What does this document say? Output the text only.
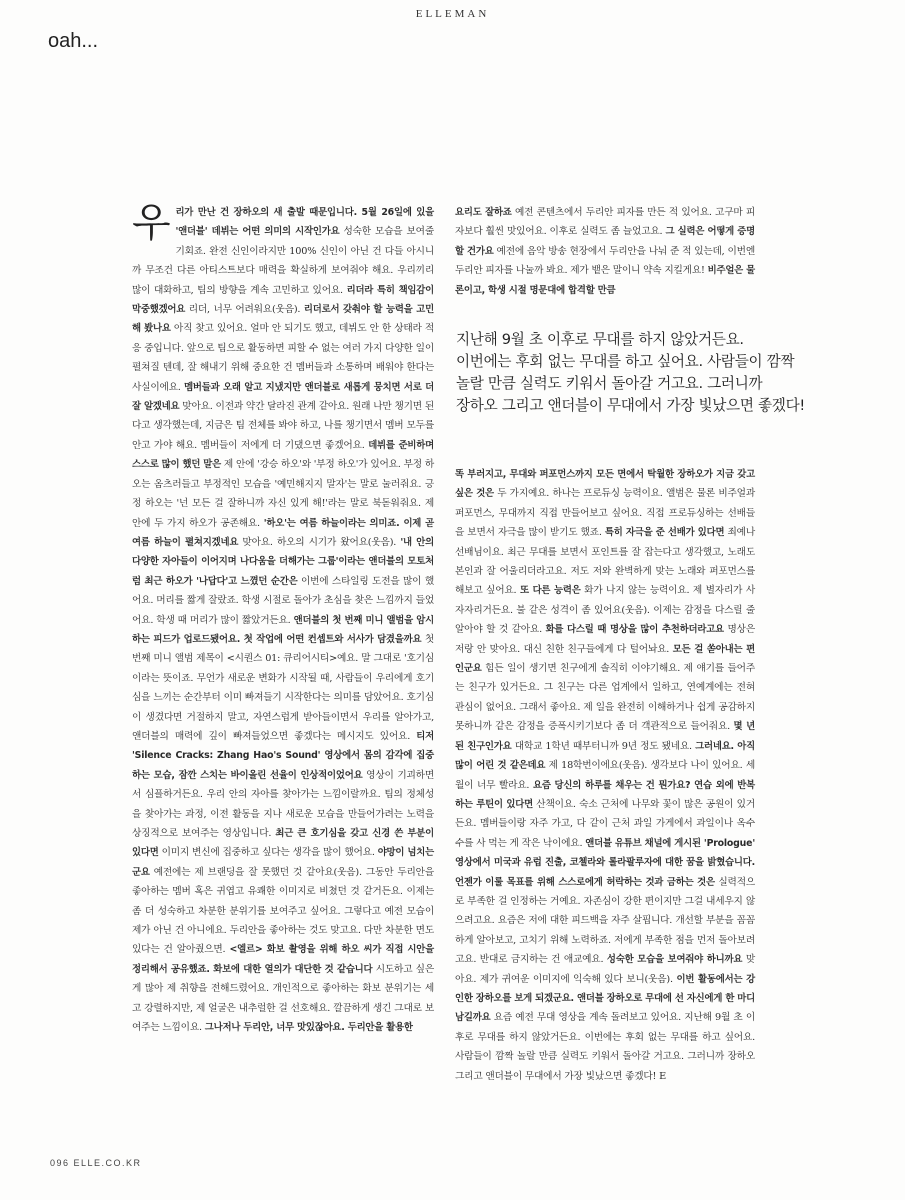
ELLEMAN
oah...

우리가 만난 건 장하오의 새 출발 때문입니다. 5월 26일에 있을 '앤더블' 데뷔는 어떤 의미의 시작인가요 성숙한 모습을 보여줄 기회죠. 완전 신인이라지만 100% 신인이 아닌 건 다들 아시니까 무조건 다른 아티스트보다 매력을 확실하게 보여줘야 해요. 우리끼리 많이 대화하고, 팀의 방향을 계속 고민하고 있어요. 리더라 특히 책임감이 막중했겠어요 리더, 너무 어려워요(웃음). 리더로서 갖춰야 할 능력을 고민해 봤나요 아직 찾고 있어요. 얼마 안 되기도 했고, 데뷔도 안 한 상태라 적응 중입니다. 앞으로 팀으로 활동하면 피할 수 없는 여러 가지 다양한 일이 펼쳐질 텐데, 잘 해내기 위해 중요한 건 멤버들과 소통하며 배워야 한다는 사실이에요. 멤버들과 오래 알고 지냈지만 앤더블로 새롭게 뭉치면 서로 더 잘 알겠네요 맞아요. 이전과 약간 달라진 관계 같아요. 원래 나만 챙기면 된다고 생각했는데, 지금은 팀 전체를 봐야 하고, 나를 챙기면서 멤버 모두를 안고 가야 해요. 멤버들이 저에게 더 기댔으면 좋겠어요. 데뷔를 준비하며 스스로 많이 했던 말은 제 안에 '강승 하오'와 '부정 하오'가 있어요. 부정 하오는 옴츠러들고 부정적인 모습을 '예민해지지 말자'는 말로 눌러줘요. 긍정 하오는 '넌 모든 걸 잘하니까 자신 있게 해!'라는 말로 북돋워줘요. 제 안에 두 가지 하오가 공존해요. '하오'는 여름 하늘이라는 의미죠. 이제 곧 여름 하늘이 펼쳐지겠네요 맞아요. 하오의 시기가 왔어요(웃음). '내 안의 다양한 자아들이 이어지며 나다움을 더해가는 그룹'이라는 앤더블의 모토처럼 최근 하오가 '나답다'고 느꼈던 순간은 이번에 스타일링 도전을 많이 했어요. 머리를 짧게 잘랐죠. 학생 시절로 돌아가 초심을 찾은 느낌까지 들었어요. 학생 때 머리가 많이 짧았거든요. 앤더블의 첫 번째 미니 앨범을 암시하는 피드가 업로드됐어요. 첫 작업에 어떤 컨셉트와 서사가 담겼을까요 첫 번째 미니 앨범 제목이 <시퀀스 01: 큐리어시티>예요. 말 그대로 '호기심이라는 뜻이죠. 무언가 새로운 변화가 시작될 때, 사람들이 우리에게 호기심을 느끼는 순간부터 이미 빠져들기 시작한다는 의미를 담았어요. 호기심이 생겼다면 거절하지 말고, 자연스럽게 받아들이면서 우리를 알아가고, 앤더블의 매력에 깊이 빠져들었으면 좋겠다는 메시지도 있어요. 티저 'Silence Cracks: Zhang Hao's Sound' 영상에서 몸의 감각에 집중하는 모습, 잠깐 스치는 바이올린 선율이 인상적이었어요 영상이 기괴하면서 심플하거든요. 우리 안의 자아를 찾아가는 느낌이랄까요. 팀의 정체성을 찾아가는 과정, 이전 활동을 지나 새로운 모습을 만들어가려는 노력을 상징적으로 보여주는 영상입니다. 최근 큰 호기심을 갖고 신경 쓴 부분이 있다면 이미지 변신에 집중하고 싶다는 생각을 많이 했어요. 야망이 넘치는군요 예전에는 제 브랜딩을 잘 못했던 것 같아요(웃음). 그동안 두리안을 좋아하는 멤버 혹은 귀엽고 유쾌한 이미지로 비쳤던 것 같거든요. 이제는 좀 더 성숙하고 차분한 분위기를 보여주고 싶어요. 그렇다고 예전 모습이 제가 아닌 건 아니에요. 두리안을 좋아하는 것도 맞고요. 다만 차분한 면도 있다는 건 알아줬으면. <엘르> 화보 촬영을 위해 하오 씨가 직접 시안을 정리해서 공유했죠. 화보에 대한 열의가 대단한 것 같습니다 시도하고 싶은 게 많아 제 취향을 전해드렸어요. 개인적으로 좋아하는 화보 분위기는 세고 강렬하지만, 제 얼굴은 내추럴한 걸 선호해요. 깔끔하게 생긴 그대로 보여주는 느낌이요. 그나저나 두리안, 너무 맛있잖아요. 두리안을 활용한

요리도 잘하죠 예전 콘텐츠에서 두리안 피자를 만든 적 있어요. 고구마 피자보다 훨씬 맛있어요. 이후로 실력도 좀 늘었고요. 그 실력은 어떻게 증명할 건가요 예전에 음악 방송 현장에서 두리안을 나눠 준 적 있는데, 이번엔 두리안 피자를 나눌까 봐요. 제가 뱉은 말이니 약속 지킬게요! 비주얼은 물론이고, 학생 시절 명문대에 합격할 만큼

지난해 9월 초 이후로 무대를 하지 않았거든요.

이번에는 후회 없는 무대를 하고 싶어요. 사람들이 깜짝

놀랄 만큼 실력도 키워서 돌아갈 거고요. 그러니까

장하오 그리고 앤더블이 무대에서 가장 빛났으면 좋겠다!

똑 부러지고, 무대와 퍼포먼스까지 모든 면에서 탁월한 장하오가 지금 갖고 싶은 것은 두 가지예요. 하나는 프로듀싱 능력이요. 앨범은 물론 비주얼과 퍼포먼스, 무대까지 직접 만들어보고 싶어요. 직접 프로듀싱하는 선배들을 보면서 자극을 많이 받기도 했죠. 특히 자극을 준 선배가 있다면 죄예나 선배님이요. 최근 무대를 보면서 포인트를 잘 잡는다고 생각했고, 노래도 본인과 잘 어울리더라고요. 저도 저와 완벽하게 맞는 노래와 퍼포먼스를 해보고 싶어요. 또 다른 능력은 화가 나지 않는 능력이요. 제 별자리가 사자자리거든요. 불 같은 성격이 좀 있어요(웃음). 이제는 감정을 다스릴 줄 알아야 할 것 같아요. 화를 다스릴 때 명상을 많이 추천하더라고요 명상은 저랑 안 맞아요. 대신 친한 친구들에게 다 털어놔요. 모든 걸 쏟아내는 편인군요 힘든 일이 생기면 친구에게 솔직히 이야기해요. 제 얘기를 들어주는 친구가 있거든요. 그 친구는 다른 업계에서 일하고, 연예계에는 전혀 관심이 없어요. 그래서 좋아요. 제 일을 완전히 이해하거나 쉽게 공감하지 못하니까 같은 감정을 증폭시키기보다 좀 더 객관적으로 들어줘요. 몇 년 된 친구인가요 대학교 1학년 때부터니까 9년 정도 됐네요. 그러네요. 아직 많이 어린 것 같은데요 제 18학번이에요(웃음). 생각보다 나이 있어요. 세월이 너무 빨라요. 요즘 당신의 하루를 채우는 건 뭔가요? 연습 외에 반복하는 루틴이 있다면 산책이요. 숙소 근처에 나무와 꽃이 많은 공원이 있거든요. 멤버들이랑 자주 가고, 다 같이 근처 과일 가게에서 과일이나 옥수수를 사 먹는 게 작은 낙이에요. 앤더블 유튜브 채널에 게시된 'Prologue' 영상에서 미국과 유럽 진출, 코첼라와 롤라팔루자에 대한 꿈을 밝혔습니다. 언젠가 이룰 목표를 위해 스스로에게 허락하는 것과 금하는 것은 실력적으로 부족한 걸 인정하는 거예요. 자존심이 강한 편이지만 그걸 내세우지 않으려고요. 요즘은 저에 대한 피드백을 자주 살핍니다. 개선할 부분을 꼼꼼하게 알아보고, 고치기 위해 노력하죠. 저에게 부족한 점을 먼저 돌아보려고요. 반대로 금지하는 건 애교예요. 성숙한 모습을 보여줘야 하니까요 맞아요. 제가 귀여운 이미지에 익숙해 있다 보니(웃음). 이번 활동에서는 강인한 장하오를 보게 되겠군요. 앤더블 장하오로 무대에 선 자신에게 한 마디 남길까요 요즘 예전 무대 영상을 계속 돌려보고 있어요. 지난해 9월 초 이후로 무대를 하지 않았거든요. 이번에는 후회 없는 무대를 하고 싶어요. 사람들이 깜짝 놀랄 만큼 실력도 키워서 돌아갈 거고요. 그러니까 장하오 그리고 앤더블이 무대에서 가장 빛났으면 좋겠다! E

096 ELLE.CO.KR
